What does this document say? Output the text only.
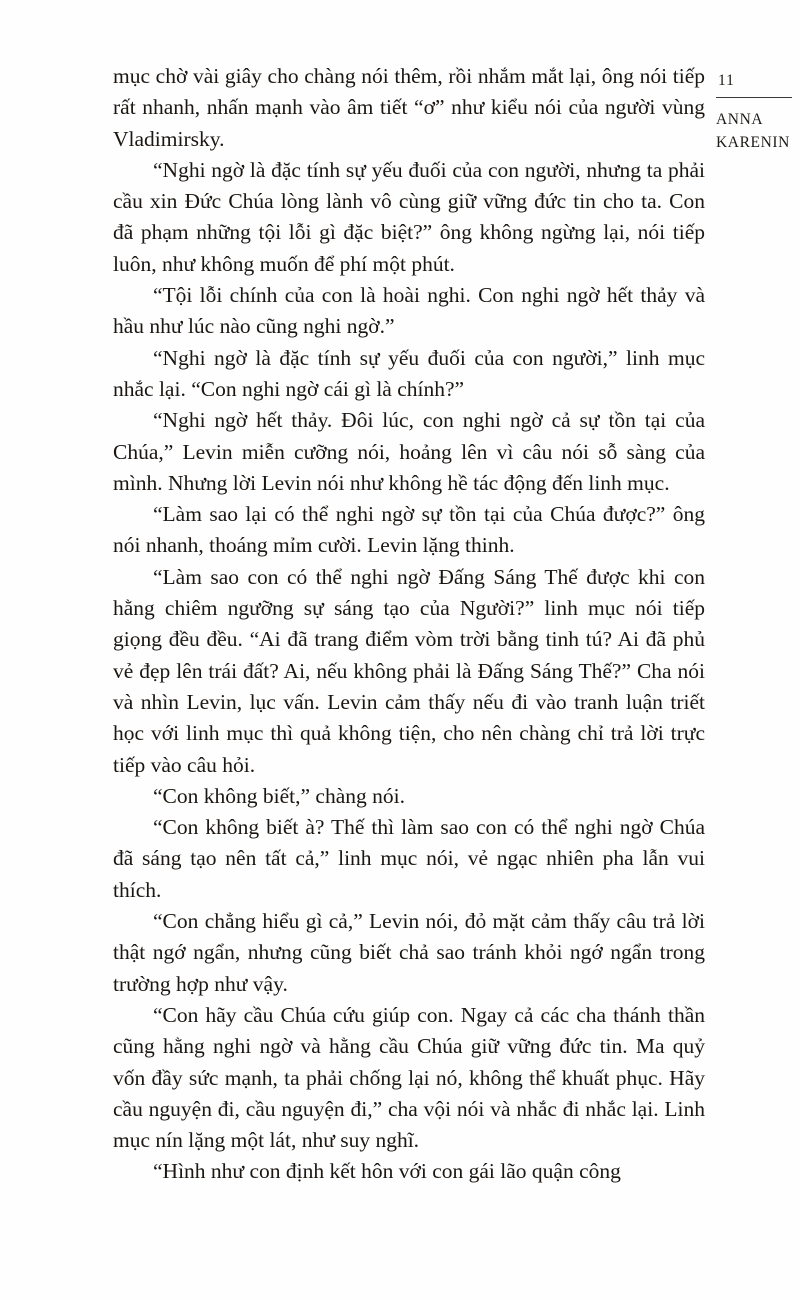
11
ANNA
KARENIN

mục chờ vài giây cho chàng nói thêm, rồi nhắm mắt lại, ông nói tiếp rất nhanh, nhấn mạnh vào âm tiết “ơ” như kiểu nói của người vùng Vladimirsky.

“Nghi ngờ là đặc tính sự yếu đuối của con người, nhưng ta phải cầu xin Đức Chúa lòng lành vô cùng giữ vững đức tin cho ta. Con đã phạm những tội lỗi gì đặc biệt?” ông không ngừng lại, nói tiếp luôn, như không muốn để phí một phút.

“Tội lỗi chính của con là hoài nghi. Con nghi ngờ hết thảy và hầu như lúc nào cũng nghi ngờ.”

“Nghi ngờ là đặc tính sự yếu đuối của con người,” linh mục nhắc lại. “Con nghi ngờ cái gì là chính?”

“Nghi ngờ hết thảy. Đôi lúc, con nghi ngờ cả sự tồn tại của Chúa,” Levin miễn cưỡng nói, hoảng lên vì câu nói sỗ sàng của mình. Nhưng lời Levin nói như không hề tác động đến linh mục.

“Làm sao lại có thể nghi ngờ sự tồn tại của Chúa được?” ông nói nhanh, thoáng mỉm cười. Levin lặng thinh.

“Làm sao con có thể nghi ngờ Đấng Sáng Thế được khi con hằng chiêm ngưỡng sự sáng tạo của Người?” linh mục nói tiếp giọng đều đều. “Ai đã trang điểm vòm trời bằng tinh tú? Ai đã phủ vẻ đẹp lên trái đất? Ai, nếu không phải là Đấng Sáng Thế?” Cha nói và nhìn Levin, lục vấn. Levin cảm thấy nếu đi vào tranh luận triết học với linh mục thì quả không tiện, cho nên chàng chỉ trả lời trực tiếp vào câu hỏi.

“Con không biết,” chàng nói.

“Con không biết à? Thế thì làm sao con có thể nghi ngờ Chúa đã sáng tạo nên tất cả,” linh mục nói, vẻ ngạc nhiên pha lẫn vui thích.

“Con chẳng hiểu gì cả,” Levin nói, đỏ mặt cảm thấy câu trả lời thật ngớ ngẩn, nhưng cũng biết chả sao tránh khỏi ngớ ngẩn trong trường hợp như vậy.

“Con hãy cầu Chúa cứu giúp con. Ngay cả các cha thánh thần cũng hằng nghi ngờ và hằng cầu Chúa giữ vững đức tin. Ma quỷ vốn đầy sức mạnh, ta phải chống lại nó, không thể khuất phục. Hãy cầu nguyện đi, cầu nguyện đi,” cha vội nói và nhắc đi nhắc lại. Linh mục nín lặng một lát, như suy nghĩ.

“Hình như con định kết hôn với con gái lão quận công
